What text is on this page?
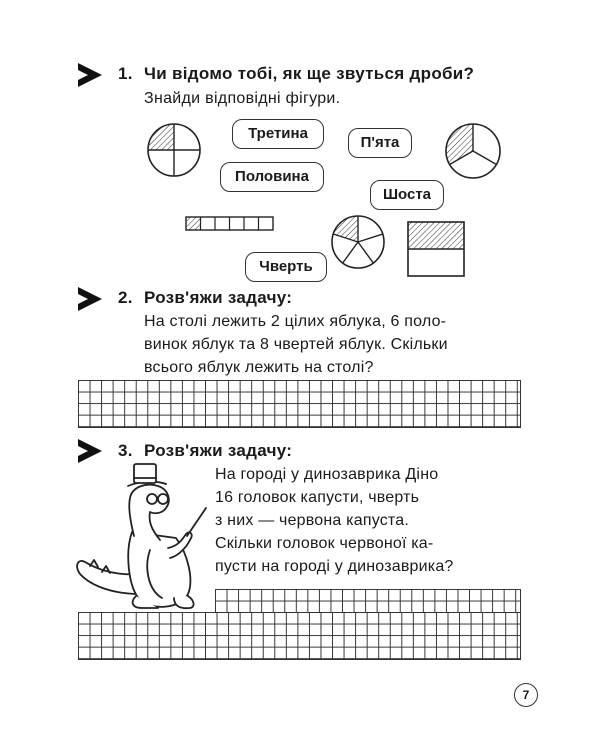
1. Чи відомо тобі, як ще звуться дроби?
Знайди відповідні фігури.
Третина
П'ята
Половина
Шоста
Чверть
2. Розв'яжи задачу:
На столі лежить 2 цілих яблука, 6 поло-
винок яблук та 8 чвертей яблук. Скільки
всього яблук лежить на столі?
3. Розв'яжи задачу:
На городі у динозаврика Діно
16 головок капусти, чверть
з них — червона капуста.
Скільки головок червоної ка-
пусти на городі у динозаврика?
7
